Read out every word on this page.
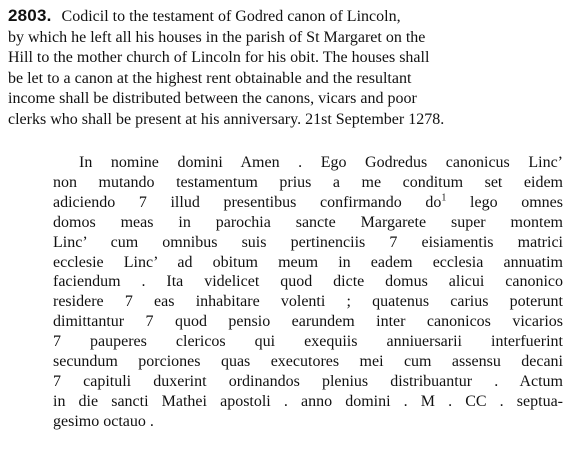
2803. Codicil to the testament of Godred canon of Lincoln,
by which he left all his houses in the parish of St Margaret on the
Hill to the mother church of Lincoln for his obit. The houses shall
be let to a canon at the highest rent obtainable and the resultant
income shall be distributed between the canons, vicars and poor
clerks who shall be present at his anniversary. 21st September 1278.
In nomine domini Amen . Ego Godredus canonicus Linc’
non mutando testamentum prius a me conditum set eidem
adiciendo 7 illud presentibus confirmando do$^1$ lego omnes
domos meas in parochia sancte Margarete super montem
Linc’ cum omnibus suis pertinenciis 7 eisiamentis matrici
ecclesie Linc’ ad obitum meum in eadem ecclesia annuatim
faciendum . Ita videlicet quod dicte domus alicui canonico
residere 7 eas inhabitare volenti ; quatenus carius poterunt
dimittantur 7 quod pensio earundem inter canonicos vicarios
7 pauperes clericos qui exequiis anniuersarii interfuerint
secundum porciones quas executores mei cum assensu decani
7 capituli duxerint ordinandos plenius distribuantur . Actum
in die sancti Mathei apostoli . anno domini . M . CC . septua-
gesimo octauo .
